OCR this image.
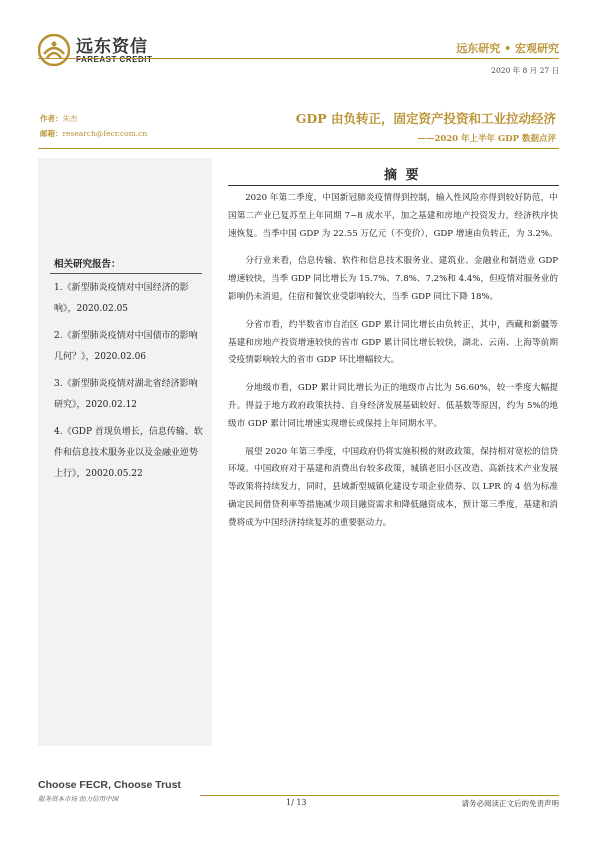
远东资信
FAREAST CREDIT
远东研究 • 宏观研究
2020 年 8 月 27 日
作者：朱杰
邮箱：research@fecr.com.cn
GDP 由负转正，固定资产投资和工业拉动经济
——2020 年上半年 GDP 数据点评
相关研究报告：
1.《新型肺炎疫情对中国经济的影响》，2020.02.05
2.《新型肺炎疫情对中国债市的影响几何？》，2020.02.06
3.《新型肺炎疫情对湖北省经济影响研究》，2020.02.12
4.《GDP 首现负增长，信息传输、软件和信息技术服务业以及金融业逆势上行》，20020.05.22
摘 要

2020 年第二季度，中国新冠肺炎疫情得到控制，输入性风险亦得到较好防范，中国第二产业已复苏至上年同期 7~8 成水平，加之基建和房地产投资发力，经济秩序快速恢复。当季中国 GDP 为 22.55 万亿元（不变价），GDP 增速由负转正，为 3.2%。

分行业来看，信息传输、软件和信息技术服务业、建筑业、金融业和制造业 GDP 增速较快，当季 GDP 同比增长为 15.7%、7.8%、7.2%和 4.4%，但疫情对服务业的影响仍未消退，住宿和餐饮业受影响较大，当季 GDP 同比下降 18%。

分省市看，约半数省市自治区 GDP 累计同比增长由负转正，其中，西藏和新疆等基建和房地产投资增速较快的省市 GDP 累计同比增长较快，湖北、云南、上海等前期受疫情影响较大的省市 GDP 环比增幅较大。

分地级市看，GDP 累计同比增长为正的地级市占比为 56.60%，较一季度大幅提升。得益于地方政府政策扶持、自身经济发展基础较好、低基数等原因，约为 5%的地级市 GDP 累计同比增速实现增长或保持上年同期水平。

展望 2020 年第三季度，中国政府仍将实施积极的财政政策，保持相对宽松的信贷环境。中国政府对于基建和消费出台较多政策，城镇老旧小区改造、高新技术产业发展等政策将持续发力，同时，县域新型城镇化建设专项企业债券、以 LPR 的 4 倍为标准确定民间借贷利率等措施减少项目融资需求和降低融资成本，预计第三季度，基建和消费将成为中国经济持续复苏的重要驱动力。

Choose FECR, Choose Trust
服务资本市场 助力信用中国	1/ 13	请务必阅读正文后的免责声明
